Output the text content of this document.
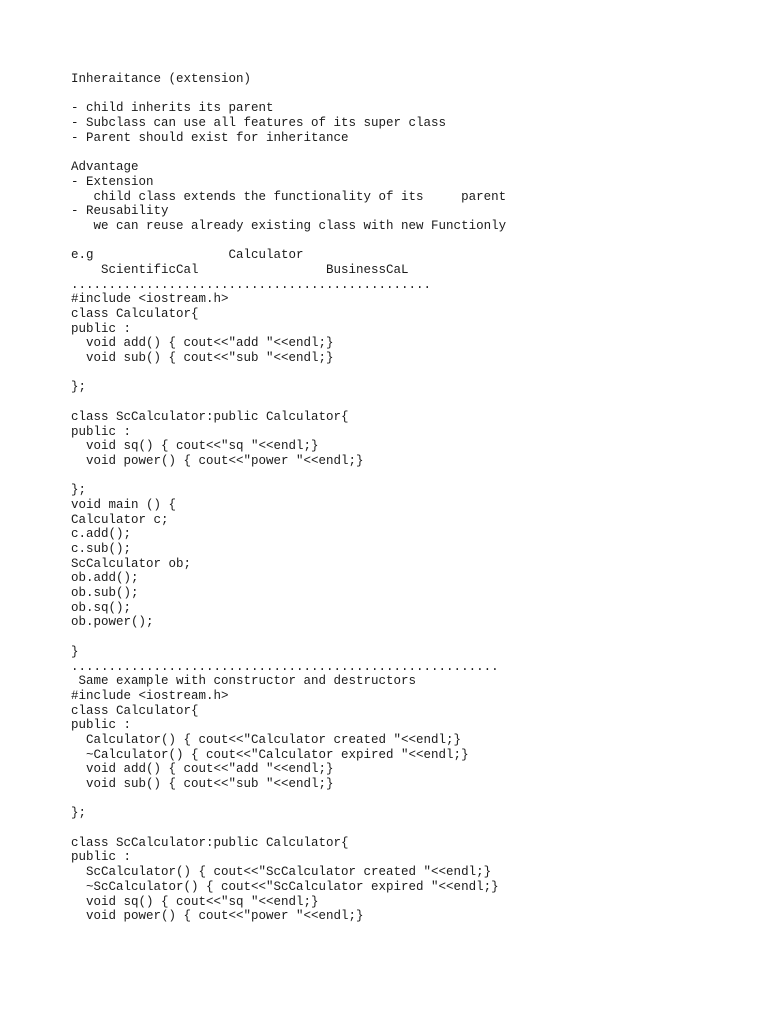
Inheraitance (extension)
- child inherits its parent
- Subclass can use all features of its super class
- Parent should exist for inheritance
Advantage
- Extension
child class extends the functionality of its     parent
- Reusability
we can reuse already existing class with new Functionly
e.g                  Calculator
ScientificCal                 BusinessCaL
................................................
#include <iostream.h>
class Calculator{
public :
void add() { cout<<"add "<<endl;}
void sub() { cout<<"sub "<<endl;}
};
class ScCalculator:public Calculator{
public :
void sq() { cout<<"sq "<<endl;}
void power() { cout<<"power "<<endl;}
};
void main () {
Calculator c;
c.add();
c.sub();
ScCalculator ob;
ob.add();
ob.sub();
ob.sq();
ob.power();
}
.........................................................
Same example with constructor and destructors
#include <iostream.h>
class Calculator{
public :
Calculator() { cout<<"Calculator created "<<endl;}
~Calculator() { cout<<"Calculator expired "<<endl;}
void add() { cout<<"add "<<endl;}
void sub() { cout<<"sub "<<endl;}
};
class ScCalculator:public Calculator{
public :
ScCalculator() { cout<<"ScCalculator created "<<endl;}
~ScCalculator() { cout<<"ScCalculator expired "<<endl;}
void sq() { cout<<"sq "<<endl;}
void power() { cout<<"power "<<endl;}
